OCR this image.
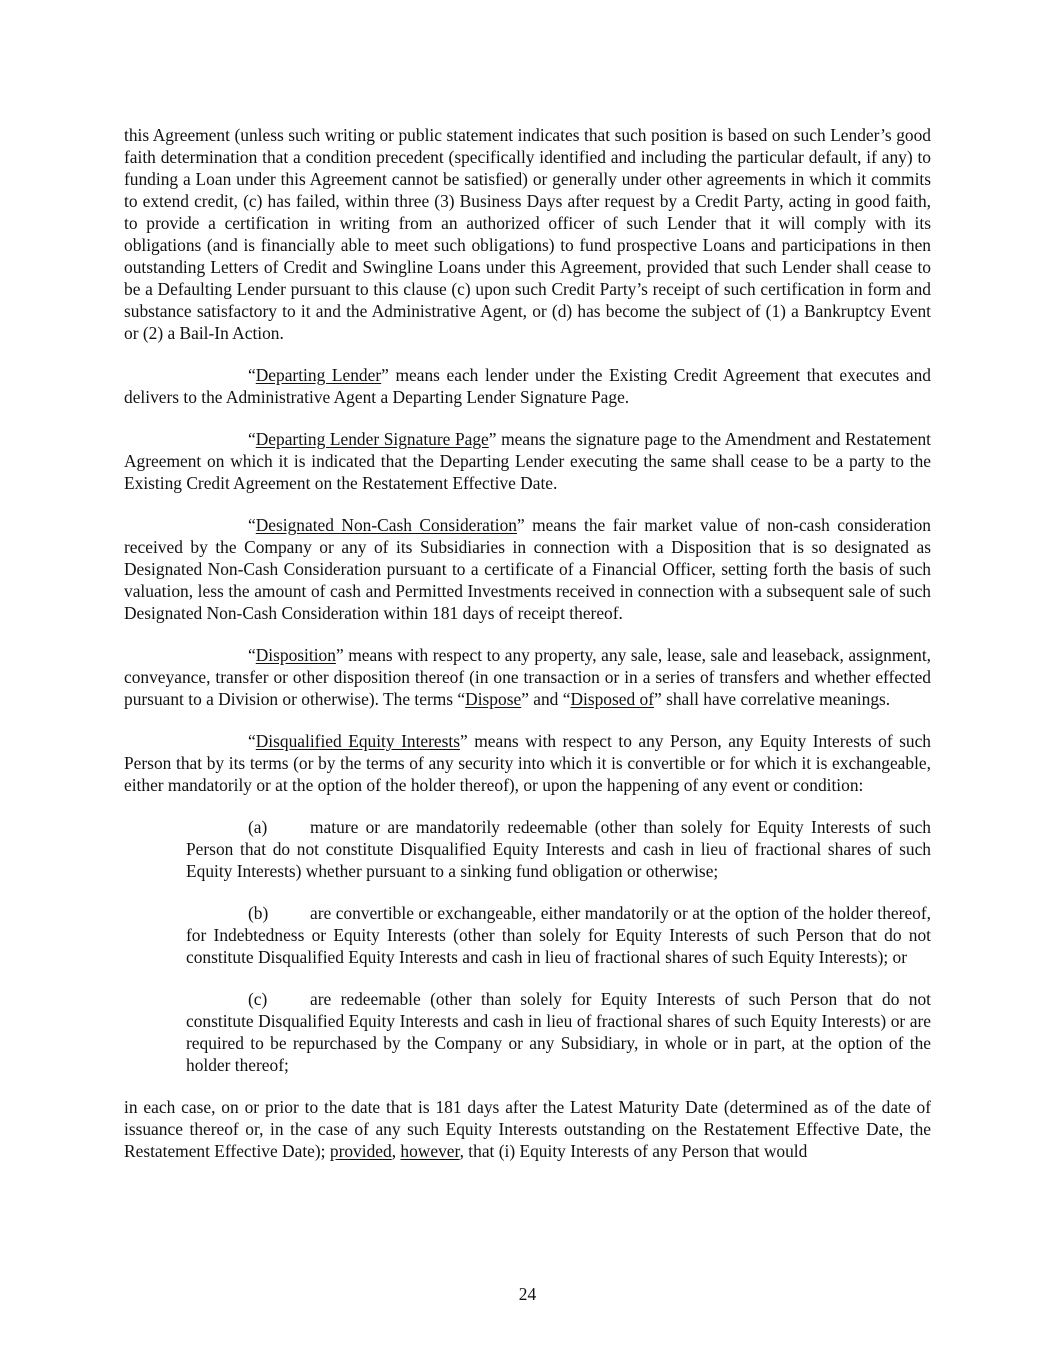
this Agreement (unless such writing or public statement indicates that such position is based on such Lender’s good faith determination that a condition precedent (specifically identified and including the particular default, if any) to funding a Loan under this Agreement cannot be satisfied) or generally under other agreements in which it commits to extend credit, (c) has failed, within three (3) Business Days after request by a Credit Party, acting in good faith, to provide a certification in writing from an authorized officer of such Lender that it will comply with its obligations (and is financially able to meet such obligations) to fund prospective Loans and participations in then outstanding Letters of Credit and Swingline Loans under this Agreement, provided that such Lender shall cease to be a Defaulting Lender pursuant to this clause (c) upon such Credit Party’s receipt of such certification in form and substance satisfactory to it and the Administrative Agent, or (d) has become the subject of (1) a Bankruptcy Event or (2) a Bail-In Action.

“Departing Lender” means each lender under the Existing Credit Agreement that executes and delivers to the Administrative Agent a Departing Lender Signature Page.

“Departing Lender Signature Page” means the signature page to the Amendment and Restatement Agreement on which it is indicated that the Departing Lender executing the same shall cease to be a party to the Existing Credit Agreement on the Restatement Effective Date.

“Designated Non-Cash Consideration” means the fair market value of non-cash consideration received by the Company or any of its Subsidiaries in connection with a Disposition that is so designated as Designated Non-Cash Consideration pursuant to a certificate of a Financial Officer, setting forth the basis of such valuation, less the amount of cash and Permitted Investments received in connection with a subsequent sale of such Designated Non-Cash Consideration within 181 days of receipt thereof.

“Disposition” means with respect to any property, any sale, lease, sale and leaseback, assignment, conveyance, transfer or other disposition thereof (in one transaction or in a series of transfers and whether effected pursuant to a Division or otherwise). The terms “Dispose” and “Disposed of” shall have correlative meanings.

“Disqualified Equity Interests” means with respect to any Person, any Equity Interests of such Person that by its terms (or by the terms of any security into which it is convertible or for which it is exchangeable, either mandatorily or at the option of the holder thereof), or upon the happening of any event or condition:

(a) mature or are mandatorily redeemable (other than solely for Equity Interests of such Person that do not constitute Disqualified Equity Interests and cash in lieu of fractional shares of such Equity Interests) whether pursuant to a sinking fund obligation or otherwise;

(b) are convertible or exchangeable, either mandatorily or at the option of the holder thereof, for Indebtedness or Equity Interests (other than solely for Equity Interests of such Person that do not constitute Disqualified Equity Interests and cash in lieu of fractional shares of such Equity Interests); or

(c) are redeemable (other than solely for Equity Interests of such Person that do not constitute Disqualified Equity Interests and cash in lieu of fractional shares of such Equity Interests) or are required to be repurchased by the Company or any Subsidiary, in whole or in part, at the option of the holder thereof;

in each case, on or prior to the date that is 181 days after the Latest Maturity Date (determined as of the date of issuance thereof or, in the case of any such Equity Interests outstanding on the Restatement Effective Date, the Restatement Effective Date); provided, however, that (i) Equity Interests of any Person that would

24
